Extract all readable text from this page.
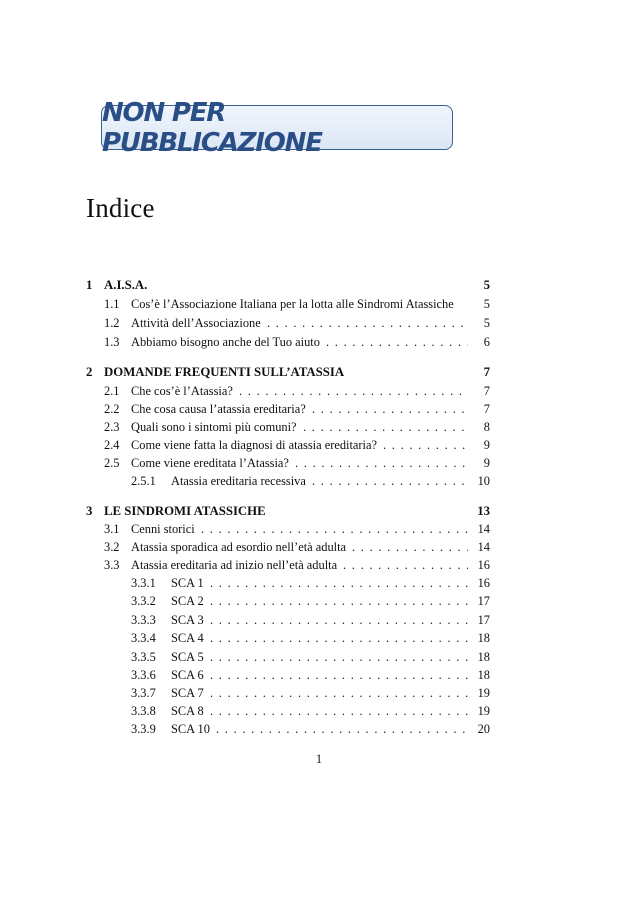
NON PER PUBBLICAZIONE
Indice
1 A.I.S.A.	5
1.1 Cos’è l’Associazione Italiana per la lotta alle Sindromi Atassiche 5
1.2 Attività dell’Associazione	5
. . .
1.3 Abbiamo bisogno anche del Tuo aiuto	6
. . .
2 DOMANDE FREQUENTI SULL’ATASSIA	7
2.1 Che cos’è l’Atassia?	7
. . .
2.2 Che cosa causa l’atassia ereditaria?	7
. . .
2.3 Quali sono i sintomi più comuni?	8
. . .
2.4 Come viene fatta la diagnosi di atassia ereditaria?	9
. . .
2.5 Come viene ereditata l’Atassia?	9
. . .
2.5.1 Atassia ereditaria recessiva	10
. . .
3 LE SINDROMI ATASSICHE	13
3.1 Cenni storici	14
. . .
3.2 Atassia sporadica ad esordio nell’età adulta	14
. . .
3.3 Atassia ereditaria ad inizio nell’età adulta	16
. . .
3.3.1 SCA 1	16
. . .
3.3.2 SCA 2	17
. . .
3.3.3 SCA 3	17
. . .
3.3.4 SCA 4	18
. . .
3.3.5 SCA 5	18
. . .
3.3.6 SCA 6	18
. . .
3.3.7 SCA 7	19
. . .
3.3.8 SCA 8	19
. . .
3.3.9 SCA 10	20
. . .
1
